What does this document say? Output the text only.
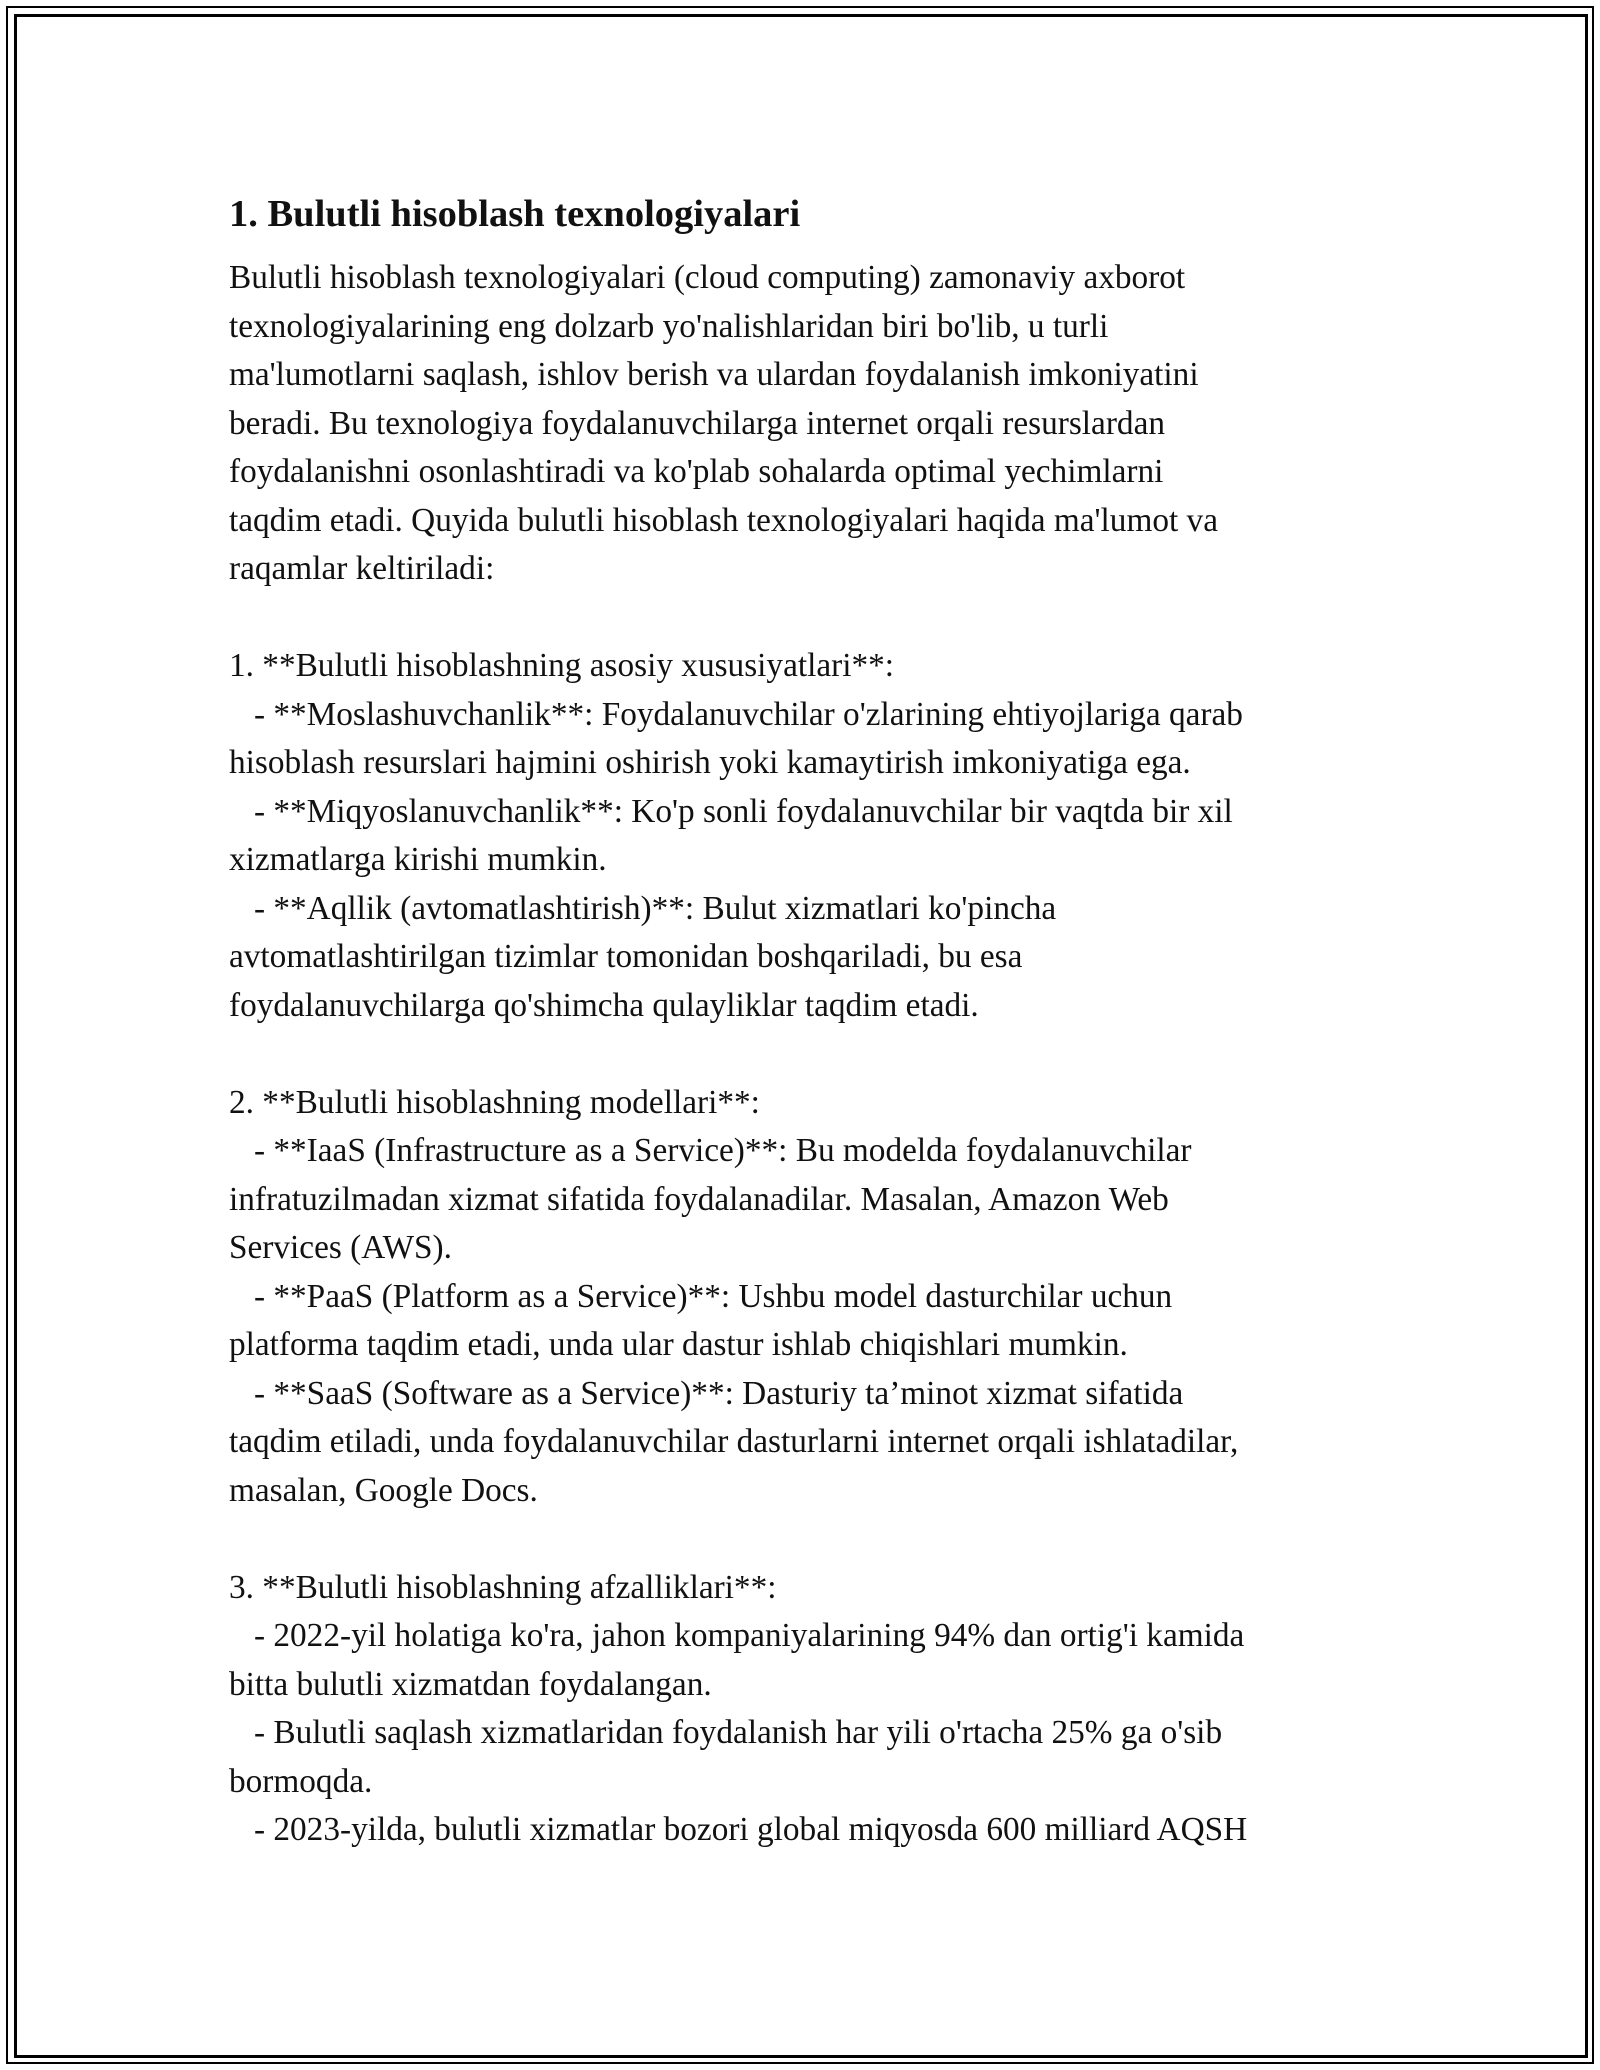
1. Bulutli hisoblash texnologiyalari
Bulutli hisoblash texnologiyalari (cloud computing) zamonaviy axborot
texnologiyalarining eng dolzarb yo'nalishlaridan biri bo'lib, u turli
ma'lumotlarni saqlash, ishlov berish va ulardan foydalanish imkoniyatini
beradi. Bu texnologiya foydalanuvchilarga internet orqali resurslardan
foydalanishni osonlashtiradi va ko'plab sohalarda optimal yechimlarni
taqdim etadi. Quyida bulutli hisoblash texnologiyalari haqida ma'lumot va
raqamlar keltiriladi:
1. **Bulutli hisoblashning asosiy xususiyatlari**:
- **Moslashuvchanlik**: Foydalanuvchilar o'zlarining ehtiyojlariga qarab
hisoblash resurslari hajmini oshirish yoki kamaytirish imkoniyatiga ega.
- **Miqyoslanuvchanlik**: Ko'p sonli foydalanuvchilar bir vaqtda bir xil
xizmatlarga kirishi mumkin.
- **Aqllik (avtomatlashtirish)**: Bulut xizmatlari ko'pincha
avtomatlashtirilgan tizimlar tomonidan boshqariladi, bu esa
foydalanuvchilarga qo'shimcha qulayliklar taqdim etadi.
2. **Bulutli hisoblashning modellari**:
- **IaaS (Infrastructure as a Service)**: Bu modelda foydalanuvchilar
infratuzilmadan xizmat sifatida foydalanadilar. Masalan, Amazon Web
Services (AWS).
- **PaaS (Platform as a Service)**: Ushbu model dasturchilar uchun
platforma taqdim etadi, unda ular dastur ishlab chiqishlari mumkin.
- **SaaS (Software as a Service)**: Dasturiy ta’minot xizmat sifatida
taqdim etiladi, unda foydalanuvchilar dasturlarni internet orqali ishlatadilar,
masalan, Google Docs.
3. **Bulutli hisoblashning afzalliklari**:
- 2022-yil holatiga ko'ra, jahon kompaniyalarining 94% dan ortig'i kamida
bitta bulutli xizmatdan foydalangan.
- Bulutli saqlash xizmatlaridan foydalanish har yili o'rtacha 25% ga o'sib
bormoqda.
- 2023-yilda, bulutli xizmatlar bozori global miqyosda 600 milliard AQSH
